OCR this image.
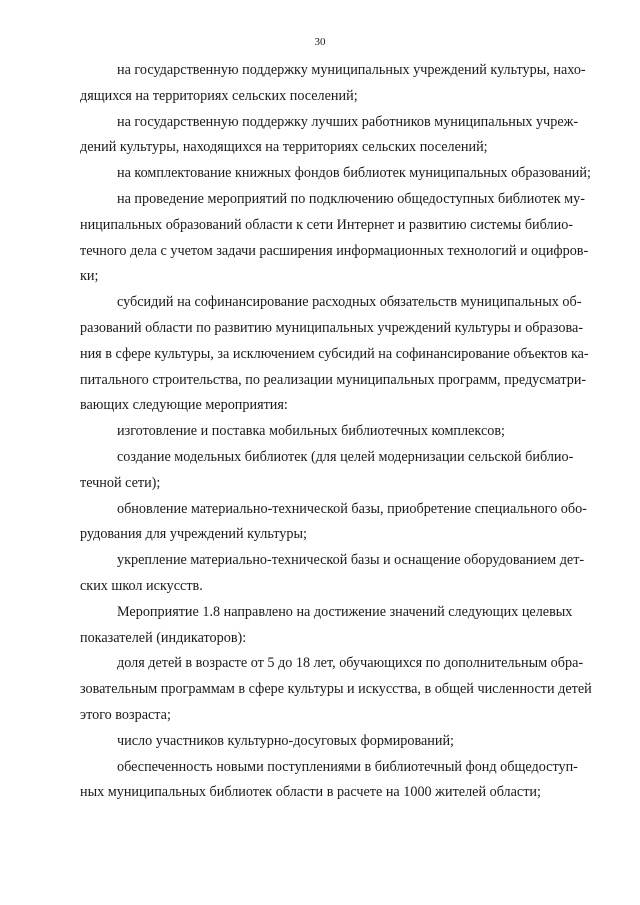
30

на государственную поддержку муниципальных учреждений культуры, нахо-
дящихся на территориях сельских поселений;

на государственную поддержку лучших работников муниципальных учреж-
дений культуры, находящихся на территориях сельских поселений;

на комплектование книжных фондов библиотек муниципальных образований;

на проведение мероприятий по подключению общедоступных библиотек му-
ниципальных образований области к сети Интернет и развитию системы библио-
течного дела с учетом задачи расширения информационных технологий и оцифров-
ки;

субсидий на софинансирование расходных обязательств муниципальных об-
разований области по развитию муниципальных учреждений культуры и образова-
ния в сфере культуры, за исключением субсидий на софинансирование объектов ка-
питального строительства, по реализации муниципальных программ, предусматри-
вающих следующие мероприятия:

изготовление и поставка мобильных библиотечных комплексов;

создание модельных библиотек (для целей модернизации сельской библио-
течной сети);

обновление материально-технической базы, приобретение специального обо-
рудования для учреждений культуры;

укрепление материально-технической базы и оснащение оборудованием дет-
ских школ искусств.

Мероприятие 1.8 направлено на достижение значений следующих целевых
показателей (индикаторов):

доля детей в возрасте от 5 до 18 лет, обучающихся по дополнительным обра-
зовательным программам в сфере культуры и искусства, в общей численности детей
этого возраста;

число участников культурно-досуговых формирований;

обеспеченность новыми поступлениями в библиотечный фонд общедоступ-
ных муниципальных библиотек области в расчете на 1000 жителей области;
